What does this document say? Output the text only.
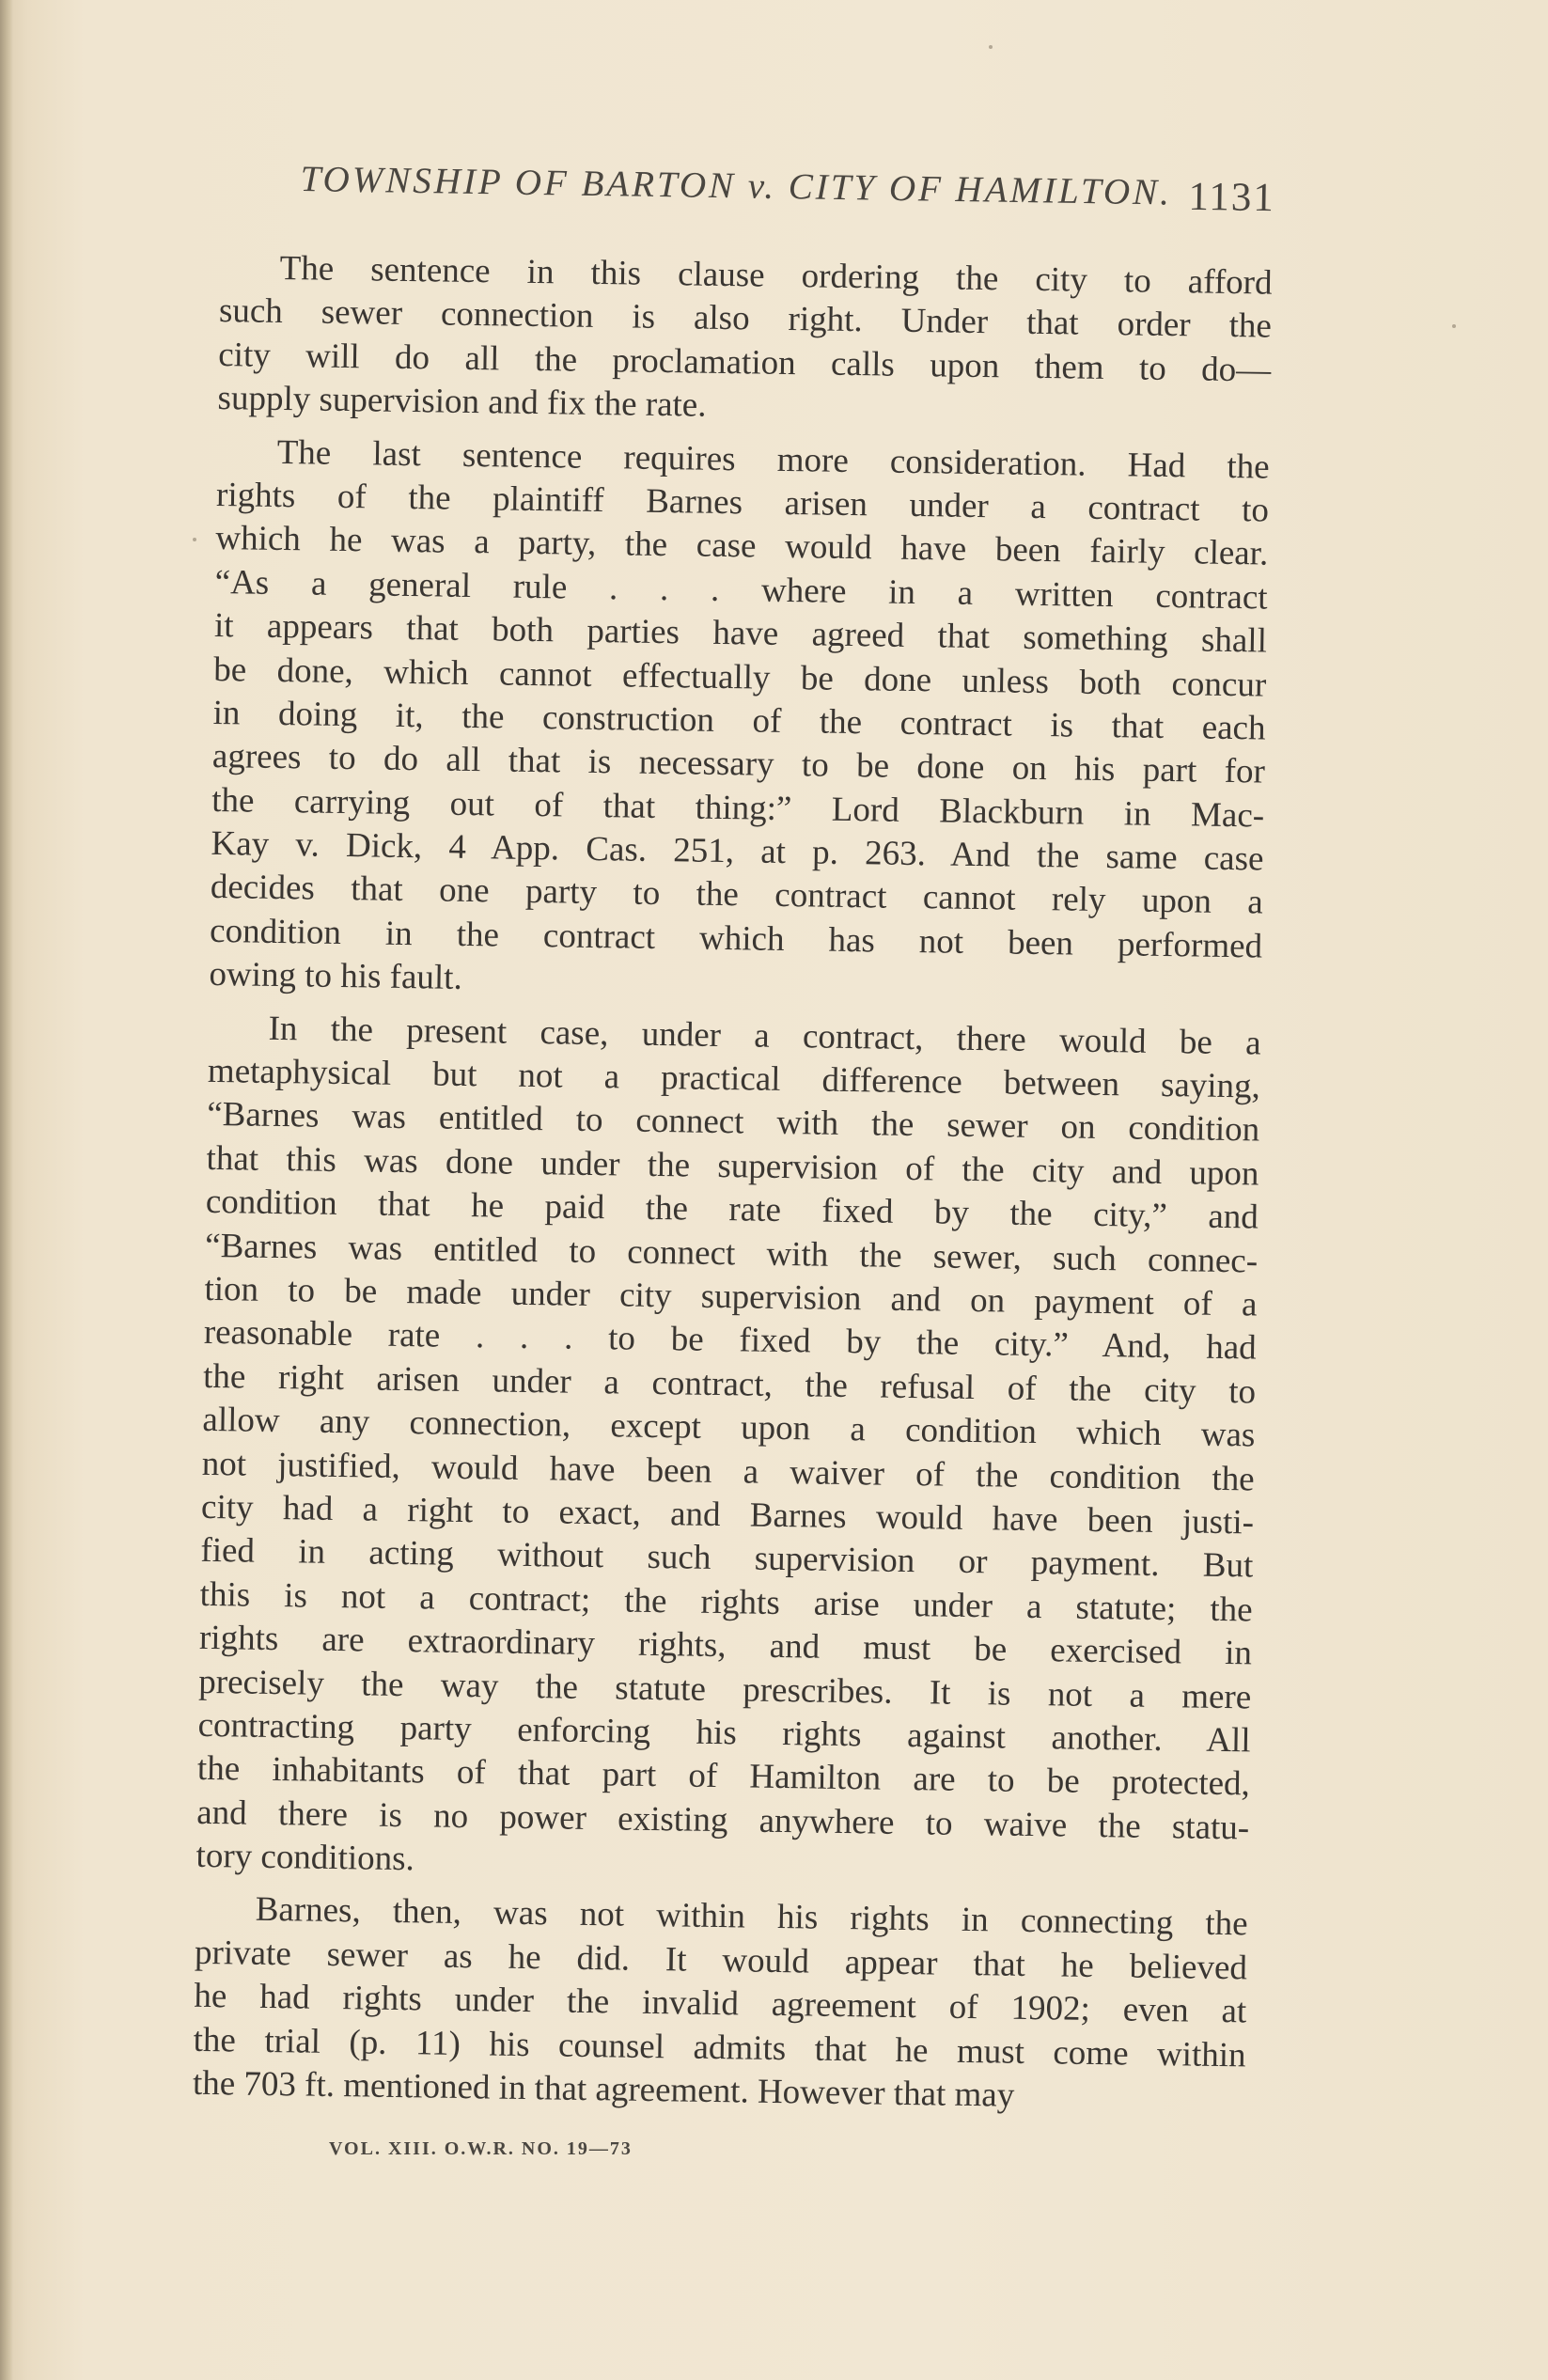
TOWNSHIP OF BARTON v. CITY OF HAMILTON. 1131
The sentence in this clause ordering the city to afford
such sewer connection is also right. Under that order the
city will do all the proclamation calls upon them to do—
supply supervision and fix the rate.
The last sentence requires more consideration. Had the
rights of the plaintiff Barnes arisen under a contract to
which he was a party, the case would have been fairly clear.
“As a general rule . . . where in a written contract
it appears that both parties have agreed that something shall
be done, which cannot effectually be done unless both concur
in doing it, the construction of the contract is that each
agrees to do all that is necessary to be done on his part for
the carrying out of that thing:” Lord Blackburn in Mac-
Kay v. Dick, 4 App. Cas. 251, at p. 263. And the same case
decides that one party to the contract cannot rely upon a
condition in the contract which has not been performed
owing to his fault.
In the present case, under a contract, there would be a
metaphysical but not a practical difference between saying,
“Barnes was entitled to connect with the sewer on condition
that this was done under the supervision of the city and upon
condition that he paid the rate fixed by the city,” and
“Barnes was entitled to connect with the sewer, such connec-
tion to be made under city supervision and on payment of a
reasonable rate . . . to be fixed by the city.” And, had
the right arisen under a contract, the refusal of the city to
allow any connection, except upon a condition which was
not justified, would have been a waiver of the condition the
city had a right to exact, and Barnes would have been justi-
fied in acting without such supervision or payment. But
this is not a contract; the rights arise under a statute; the
rights are extraordinary rights, and must be exercised in
precisely the way the statute prescribes. It is not a mere
contracting party enforcing his rights against another. All
the inhabitants of that part of Hamilton are to be protected,
and there is no power existing anywhere to waive the statu-
tory conditions.
Barnes, then, was not within his rights in connecting the
private sewer as he did. It would appear that he believed
he had rights under the invalid agreement of 1902; even at
the trial (p. 11) his counsel admits that he must come within
the 703 ft. mentioned in that agreement. However that may
VOL. XIII. O.W.R. NO. 19—73
